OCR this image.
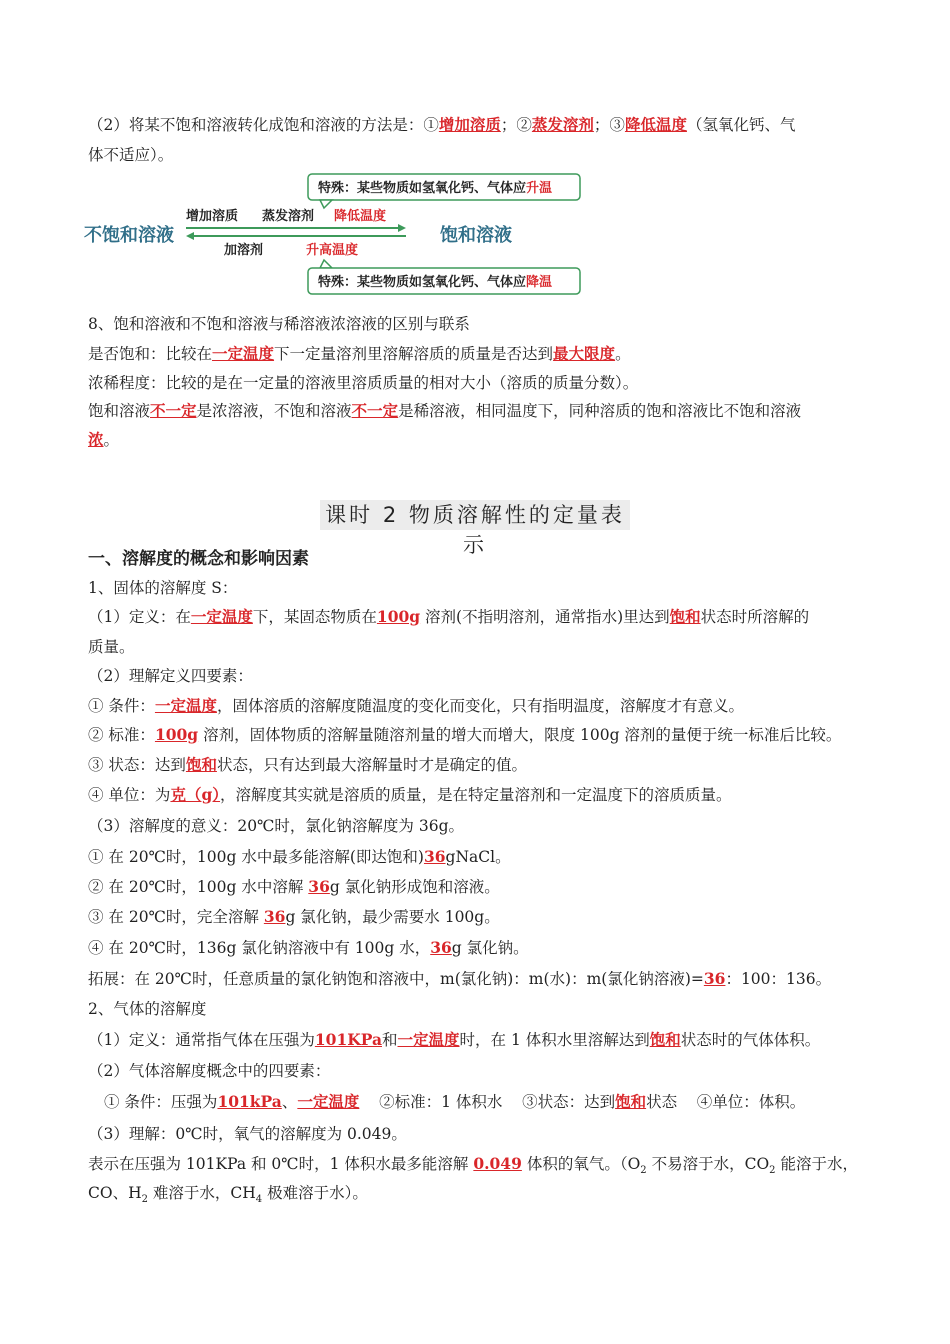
（2）将某不饱和溶液转化成饱和溶液的方法是：①增加溶质；②蒸发溶剂；③降低温度（氢氧化钙、气
体不适应）。
特殊：某些物质如氢氧化钙、气体应升温
不饱和溶液	饱和溶液
增加溶质 蒸发溶剂 降低温度
加溶剂	升高温度
特殊：某些物质如氢氧化钙、气体应降温
8、饱和溶液和不饱和溶液与稀溶液浓溶液的区别与联系
是否饱和：比较在一定温度下一定量溶剂里溶解溶质的质量是否达到最大限度。
浓稀程度：比较的是在一定量的溶液里溶质质量的相对大小（溶质的质量分数）。
饱和溶液不一定是浓溶液，不饱和溶液不一定是稀溶液，相同温度下，同种溶质的饱和溶液比不饱和溶液
浓。
课时 2 物质溶解性的定量表示
一、溶解度的概念和影响因素
1、固体的溶解度 S：
（1）定义：在一定温度下，某固态物质在100g 溶剂(不指明溶剂，通常指水)里达到饱和状态时所溶解的
质量。
（2）理解定义四要素：
① 条件：一定温度，固体溶质的溶解度随温度的变化而变化，只有指明温度，溶解度才有意义。
② 标准：100g 溶剂，固体物质的溶解量随溶剂量的增大而增大，限度 100g 溶剂的量便于统一标准后比较。
③ 状态：达到饱和状态，只有达到最大溶解量时才是确定的值。
④ 单位：为克（g），溶解度其实就是溶质的质量，是在特定量溶剂和一定温度下的溶质质量。
（3）溶解度的意义：20℃时，氯化钠溶解度为 36g。
① 在 20℃时，100g 水中最多能溶解(即达饱和)36gNaCl。
② 在 20℃时，100g 水中溶解 36g 氯化钠形成饱和溶液。
③ 在 20℃时，完全溶解 36g 氯化钠，最少需要水 100g。
④ 在 20℃时，136g 氯化钠溶液中有 100g 水，36g 氯化钠。
拓展：在 20℃时，任意质量的氯化钠饱和溶液中，m(氯化钠)：m(水)：m(氯化钠溶液)=36：100：136。
2、气体的溶解度
（1）定义：通常指气体在压强为101KPa和一定温度时，在 1 体积水里溶解达到饱和状态时的气体体积。
（2）气体溶解度概念中的四要素：
① 条件：压强为101kPa、一定温度    ②标准：1 体积水    ③状态：达到饱和状态    ④单位：体积。
（3）理解：0℃时，氧气的溶解度为 0.049。
表示在压强为 101KPa 和 0℃时，1 体积水最多能溶解 0.049 体积的氧气。（$O_2$ 不易溶于水，$CO_2$ 能溶于水，
CO、$H_2$ 难溶于水，$CH_4$ 极难溶于水）。
